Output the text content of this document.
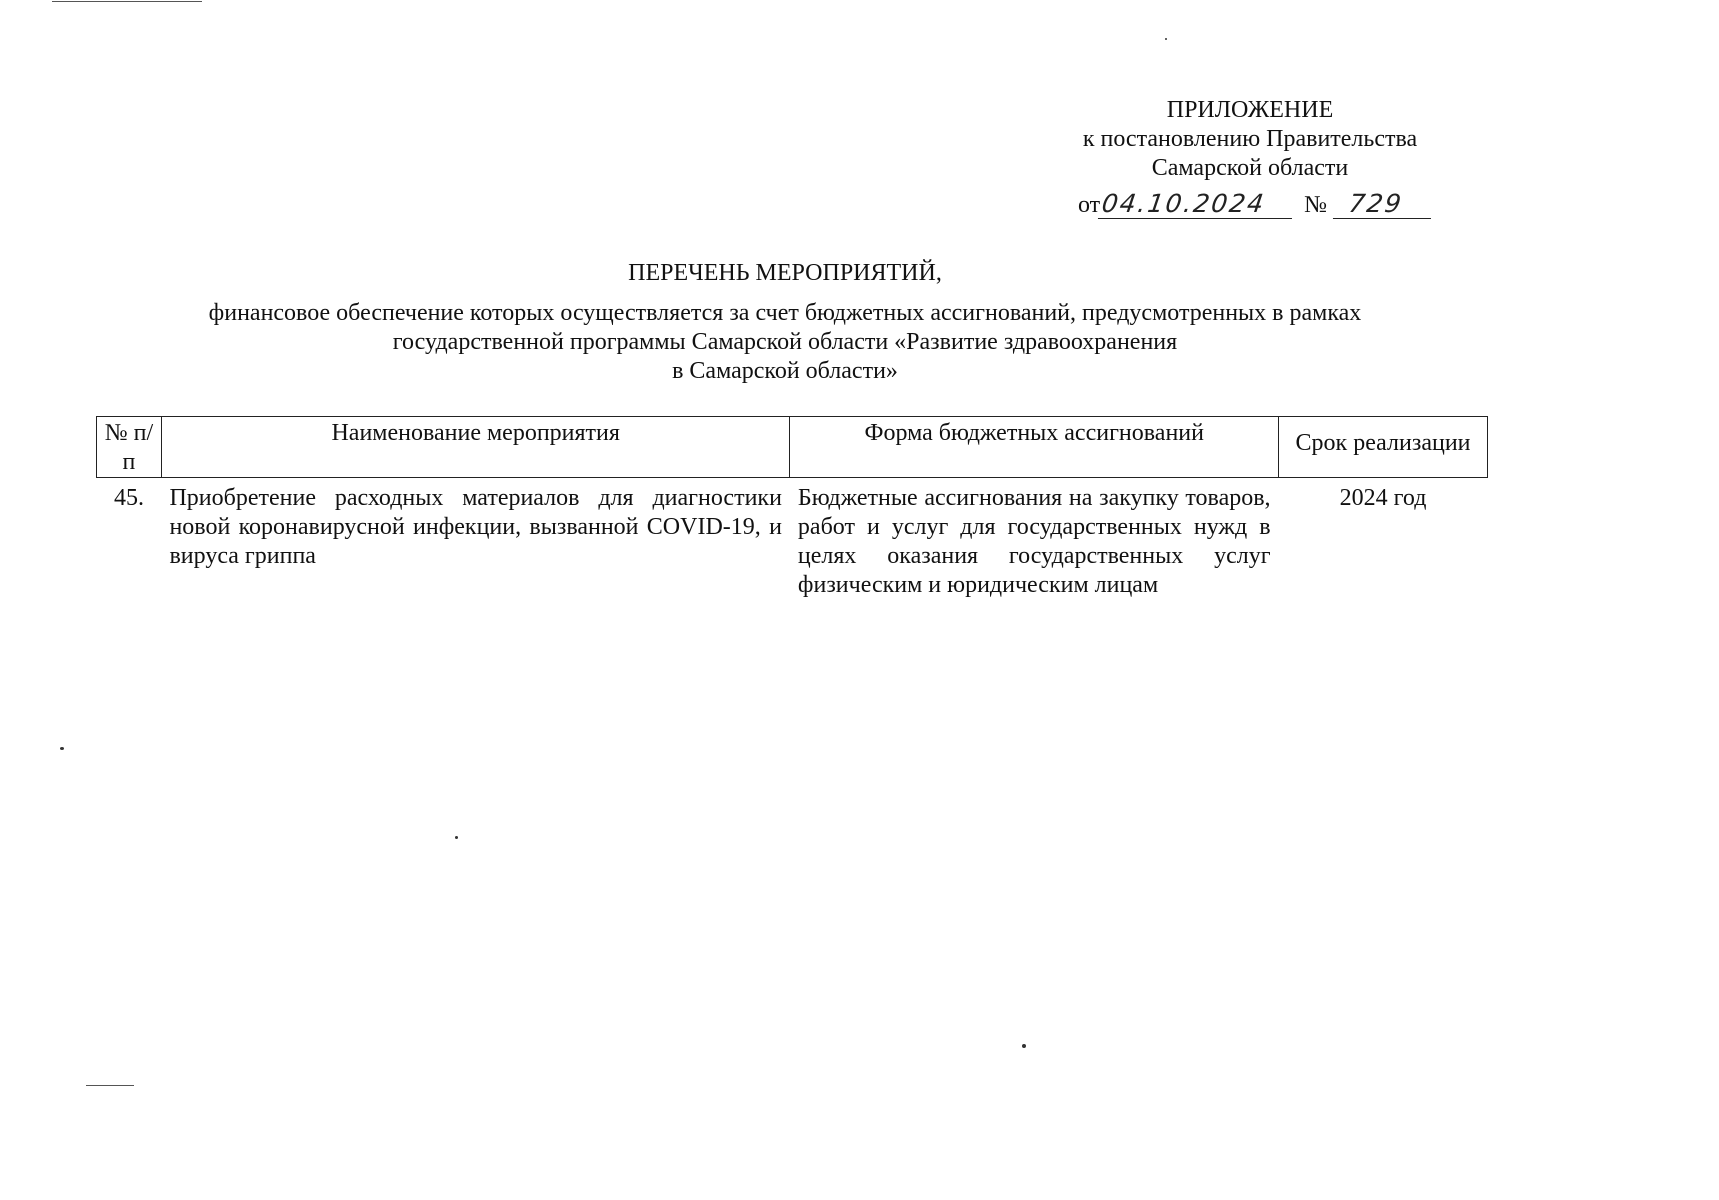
ПРИЛОЖЕНИЕ
к постановлению Правительства
Самарской области
от04.10.2024 № 729
ПЕРЕЧЕНЬ МЕРОПРИЯТИЙ,
финансовое обеспечение которых осуществляется за счет бюджетных ассигнований, предусмотренных в рамках
государственной программы Самарской области «Развитие здравоохранения
в Самарской области»
№ п/п	Наименование мероприятия	Форма бюджетных ассигнований	Срок реализации
45.	Приобретение расходных материалов для диагностики новой коронавирусной инфекции, вызванной COVID-19, и вируса гриппа	Бюджетные ассигнования на закупку товаров, работ и услуг для государственных нужд в целях оказания государственных услуг физическим и юридическим лицам	2024 год
